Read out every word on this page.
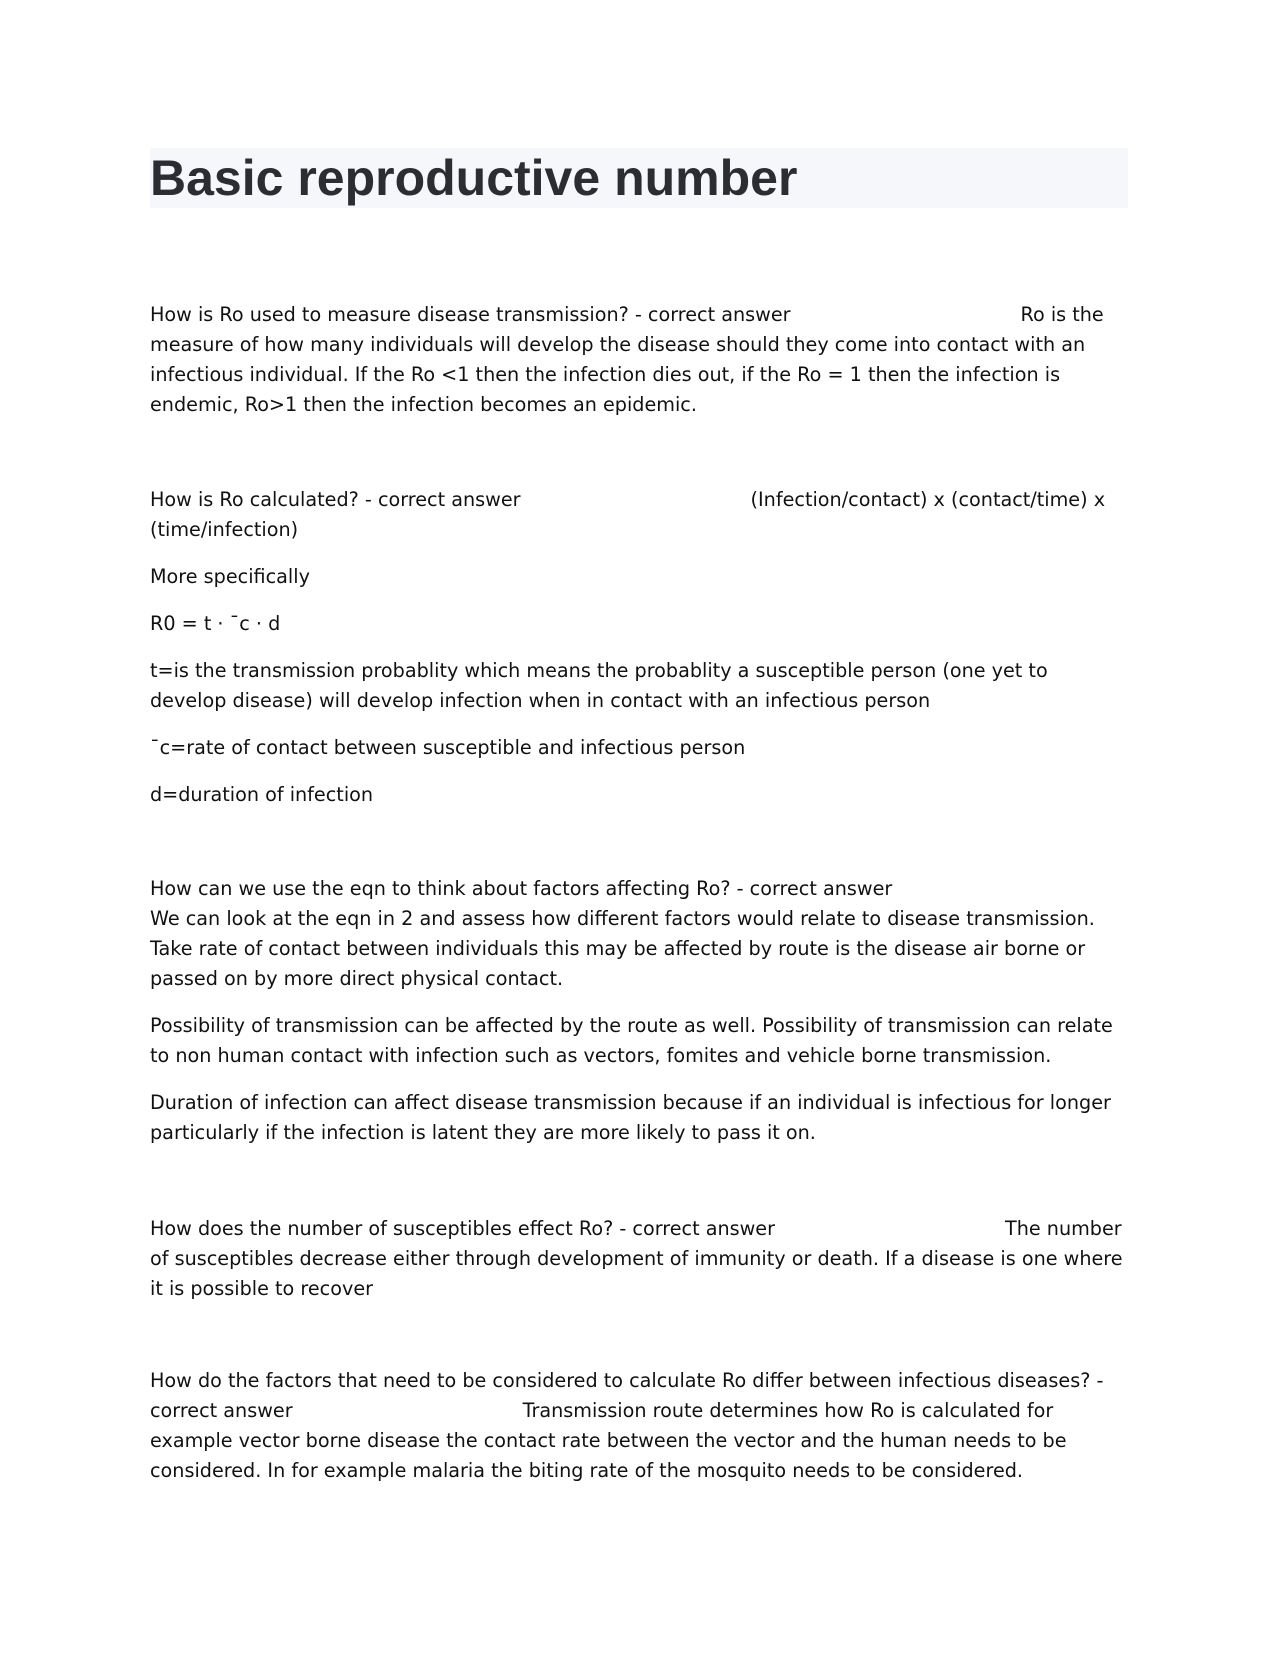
Basic reproductive number

How is Ro used to measure disease transmission? - correct answer	Ro is the measure of how many individuals will develop the disease should they come into contact with an infectious individual. If the Ro <1 then the infection dies out, if the Ro = 1 then the infection is endemic, Ro>1 then the infection becomes an epidemic.

How is Ro calculated? - correct answer	(Infection/contact) x (contact/time) x (time/infection)

More specifically

R0 = t · ¯c · d

t=is the transmission probablity which means the probablity a susceptible person (one yet to develop disease) will develop infection when in contact with an infectious person

¯c=rate of contact between susceptible and infectious person

d=duration of infection

How can we use the eqn to think about factors affecting Ro? - correct answer

We can look at the eqn in 2 and assess how different factors would relate to disease transmission. Take rate of contact between individuals this may be affected by route is the disease air borne or passed on by more direct physical contact.

Possibility of transmission can be affected by the route as well. Possibility of transmission can relate to non human contact with infection such as vectors, fomites and vehicle borne transmission.

Duration of infection can affect disease transmission because if an individual is infectious for longer particularly if the infection is latent they are more likely to pass it on.

How does the number of susceptibles effect Ro? - correct answer	The number of susceptibles decrease either through development of immunity or death. If a disease is one where it is possible to recover

How do the factors that need to be considered to calculate Ro differ between infectious diseases? - correct answer	Transmission route determines how Ro is calculated for example vector borne disease the contact rate between the vector and the human needs to be considered. In for example malaria the biting rate of the mosquito needs to be considered.
